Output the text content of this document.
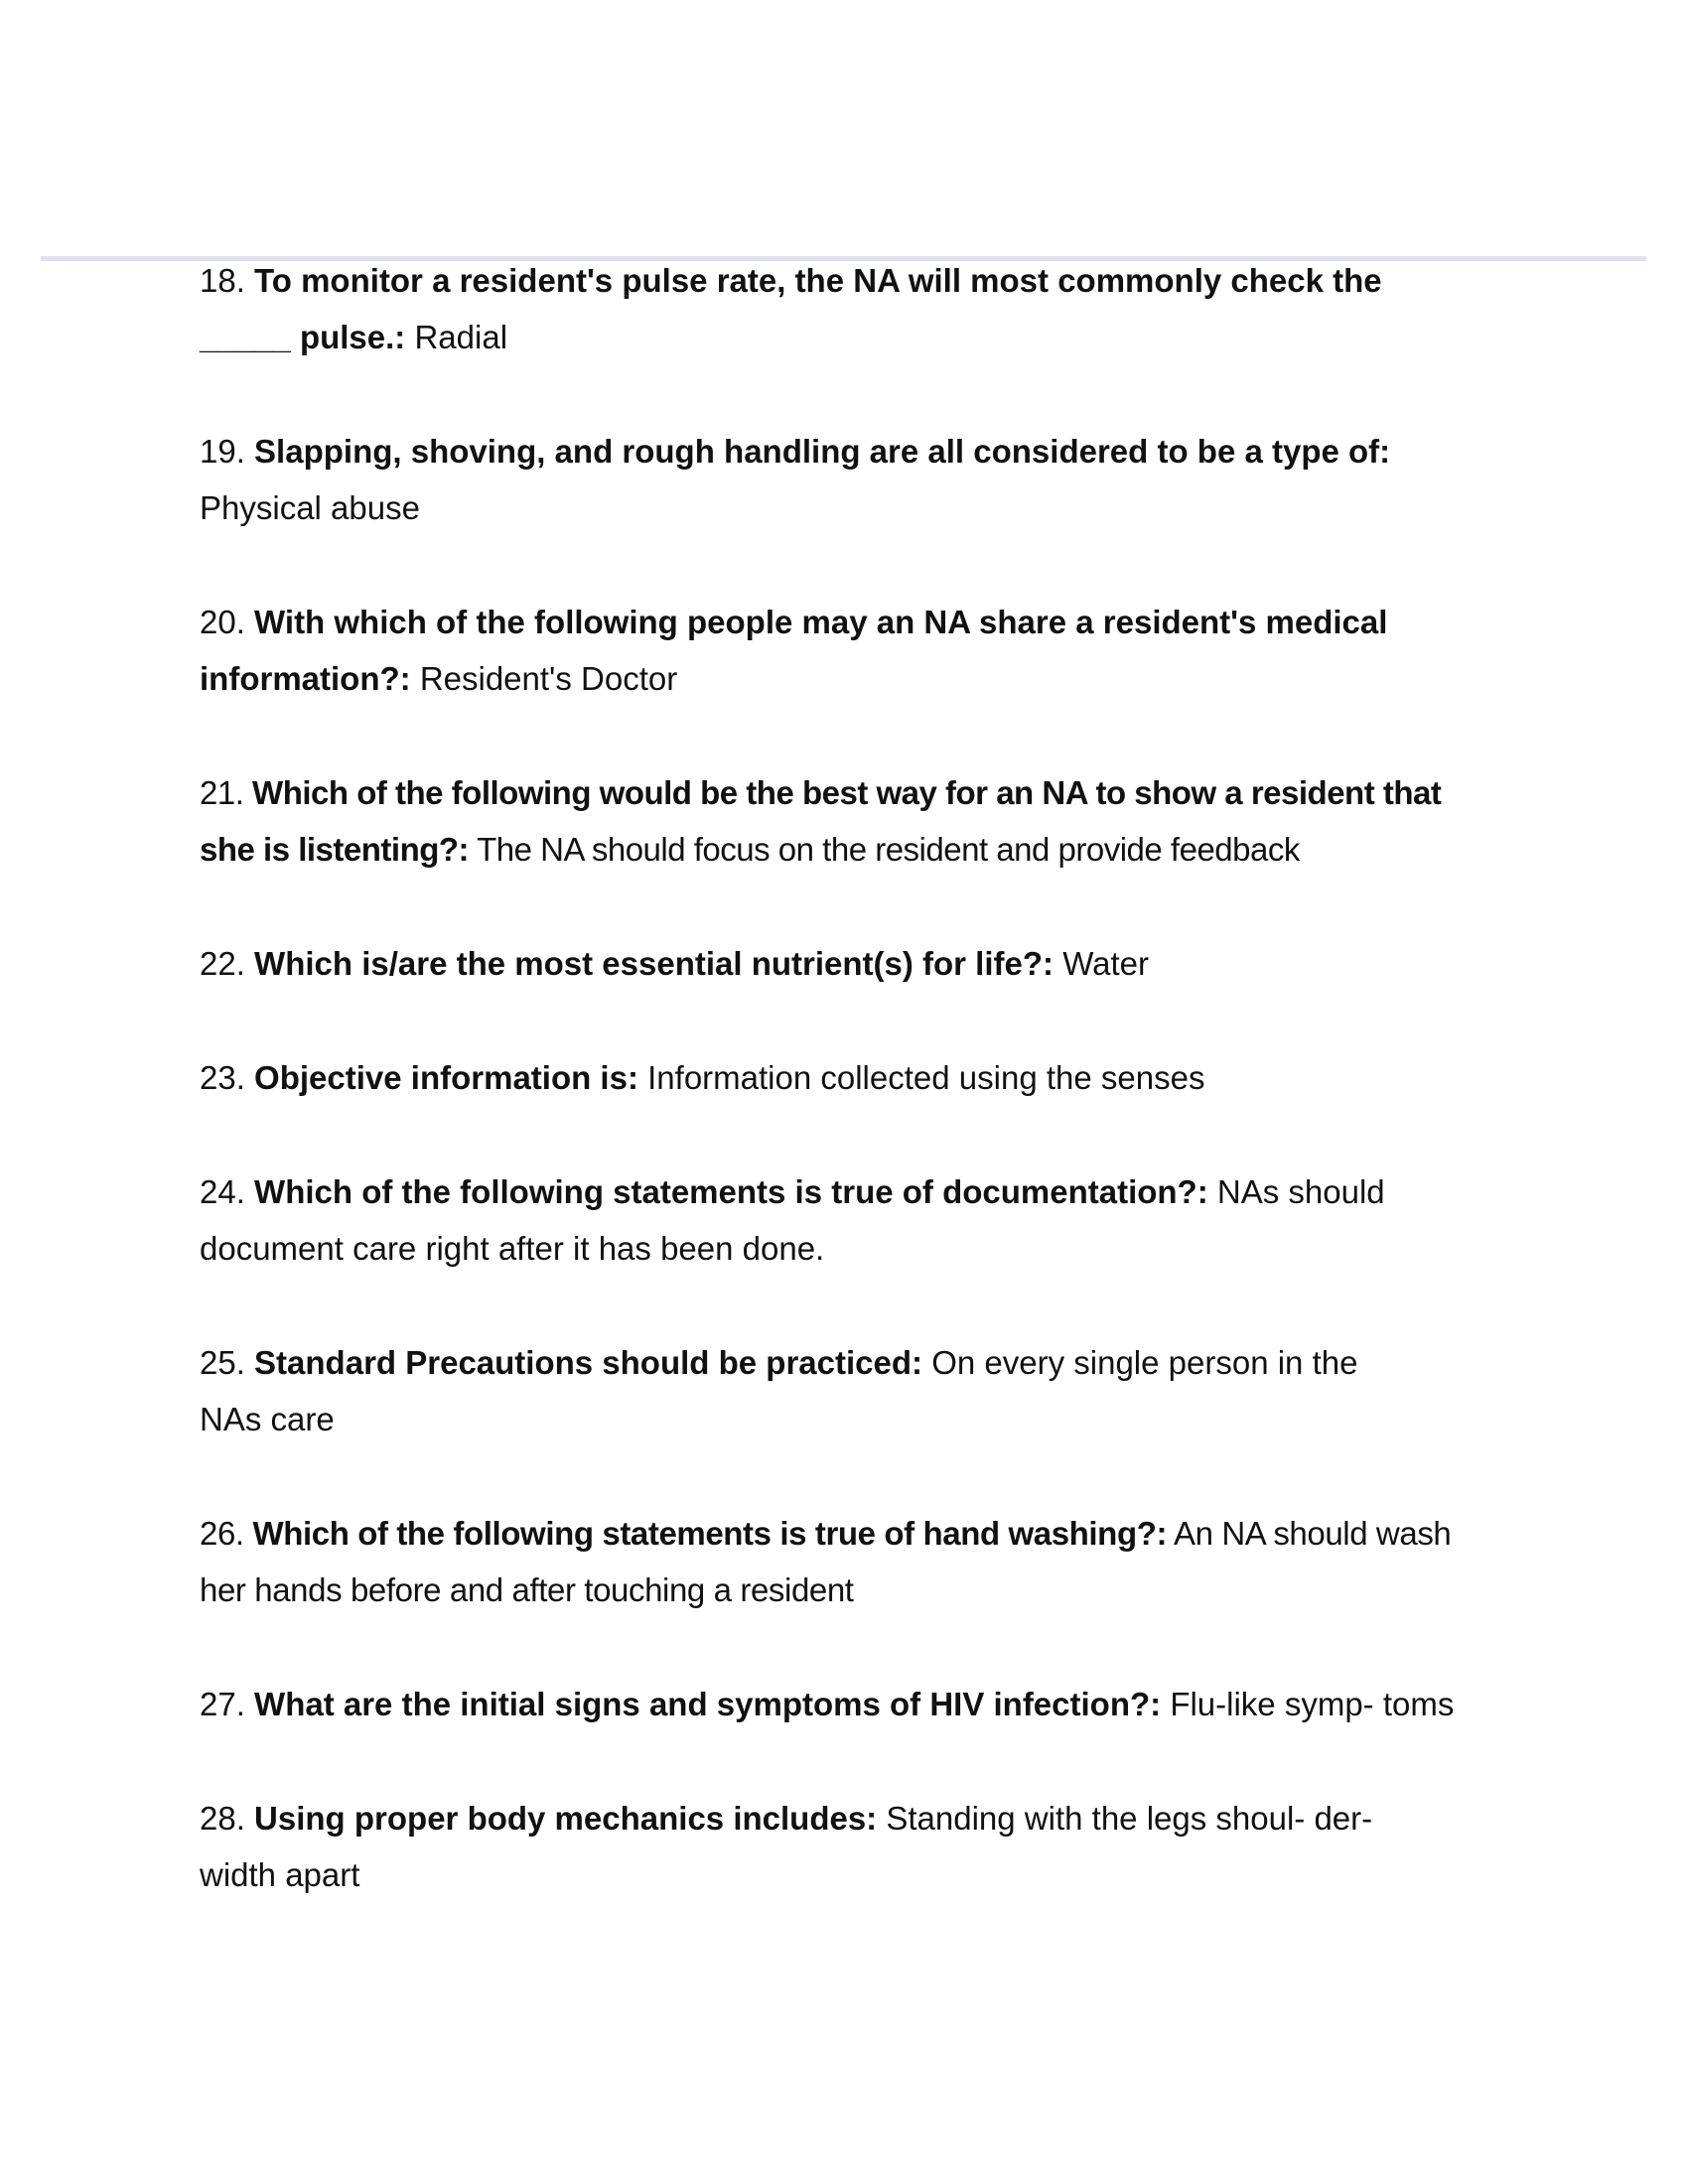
18. To monitor a resident's pulse rate, the NA will most commonly check the
_____ pulse.: Radial
19. Slapping, shoving, and rough handling are all considered to be a type of:
Physical abuse
20. With which of the following people may an NA share a resident's medical information?: Resident's Doctor
21. Which of the following would be the best way for an NA to show a resident that she is listenting?: The NA should focus on the resident and provide feedback
22. Which is/are the most essential nutrient(s) for life?: Water
23. Objective information is: Information collected using the senses
24. Which of the following statements is true of documentation?: NAs should document care right after it has been done.
25. Standard Precautions should be practiced: On every single person in the NAs care
26. Which of the following statements is true of hand washing?: An NA should wash her hands before and after touching a resident
27. What are the initial signs and symptoms of HIV infection?: Flu-like symp- toms
28. Using proper body mechanics includes: Standing with the legs shoul- der-width apart
